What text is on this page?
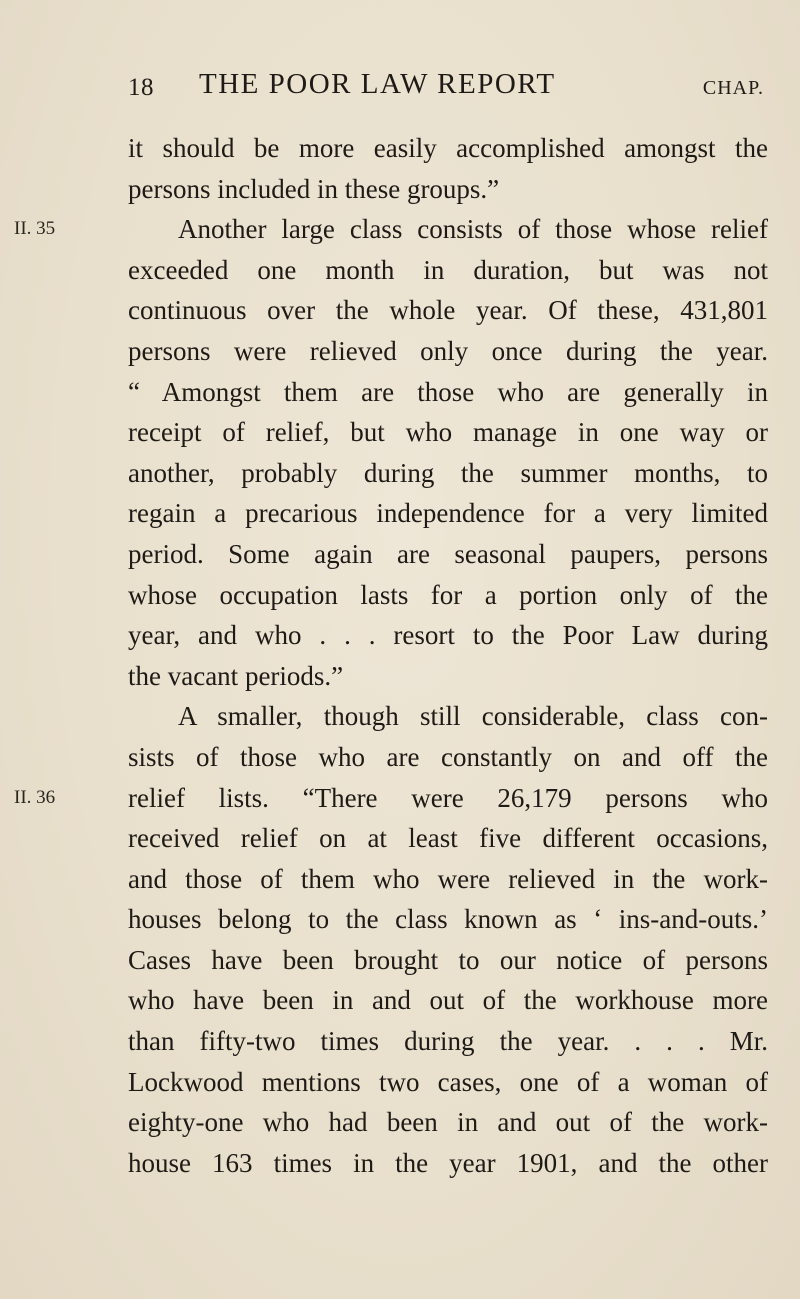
18 THE POOR LAW REPORT	CHAP.
it should be more easily accomplished amongst the
persons included in these groups.”
II. 35	Another large class consists of those whose relief
exceeded one month in duration, but was not
continuous over the whole year. Of these, 431,801
persons were relieved only once during the year.
“ Amongst them are those who are generally in
receipt of relief, but who manage in one way or
another, probably during the summer months, to
regain a precarious independence for a very limited
period. Some again are seasonal paupers, persons
whose occupation lasts for a portion only of the
year, and who . . . resort to the Poor Law during
the vacant periods.”
A smaller, though still considerable, class con-
sists of those who are constantly on and off the
II. 36	relief lists. “There were 26,179 persons who
received relief on at least five different occasions,
and those of them who were relieved in the work-
houses belong to the class known as ‘ ins-and-outs.’
Cases have been brought to our notice of persons
who have been in and out of the workhouse more
than fifty-two times during the year. . . . Mr.
Lockwood mentions two cases, one of a woman of
eighty-one who had been in and out of the work-
house 163 times in the year 1901, and the other
